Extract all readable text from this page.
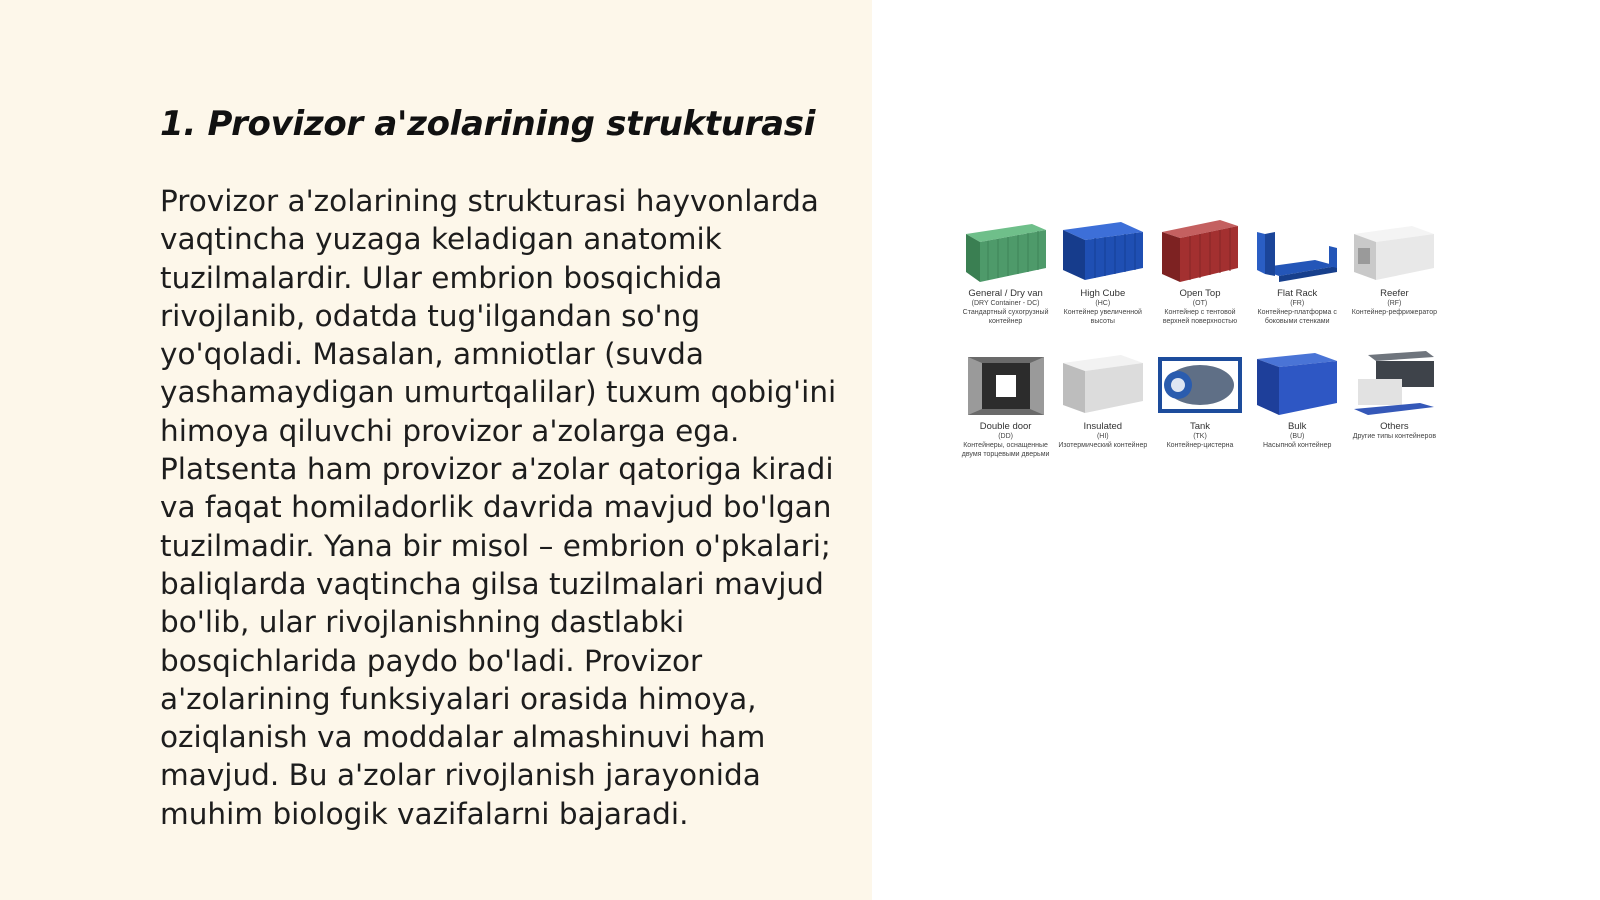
1. Provizor a'zolarining strukturasi

Provizor a'zolarining strukturasi hayvonlarda vaqtincha yuzaga keladigan anatomik tuzilmalardir. Ular embrion bosqichida rivojlanib, odatda tug'ilgandan so'ng yo'qoladi. Masalan, amniotlar (suvda yashamaydigan umurtqalilar) tuxum qobig'ini himoya qiluvchi provizor a'zolarga ega. Platsenta ham provizor a'zolar qatoriga kiradi va faqat homiladorlik davrida mavjud bo'lgan tuzilmadir. Yana bir misol – embrion o'pkalari; baliqlarda vaqtincha gilsa tuzilmalari mavjud bo'lib, ular rivojlanishning dastlabki bosqichlarida paydo bo'ladi. Provizor a'zolarining funksiyalari orasida himoya, oziqlanish va moddalar almashinuvi ham mavjud. Bu a'zolar rivojlanish jarayonida muhim biologik vazifalarni bajaradi.

General / Dry van
(DRY Container - DC)
Стандартный сухогрузный контейнер
High Cube
(HC)
Контейнер увеличенной высоты
Open Top
(OT)
Контейнер с тентовой верхней поверхностью
Flat Rack
(FR)
Контейнер-платформа с боковыми стенками
Reefer
(RF)
Контейнер-рефрижератор
Double door
(DD)
Контейнеры, оснащенные двумя торцевыми дверьми
Insulated
(HI)
Изотермический контейнер
Tank
(TK)
Контейнер-цистерна
Bulk
(BU)
Насыпной контейнер
Others
Другие типы контейнеров
